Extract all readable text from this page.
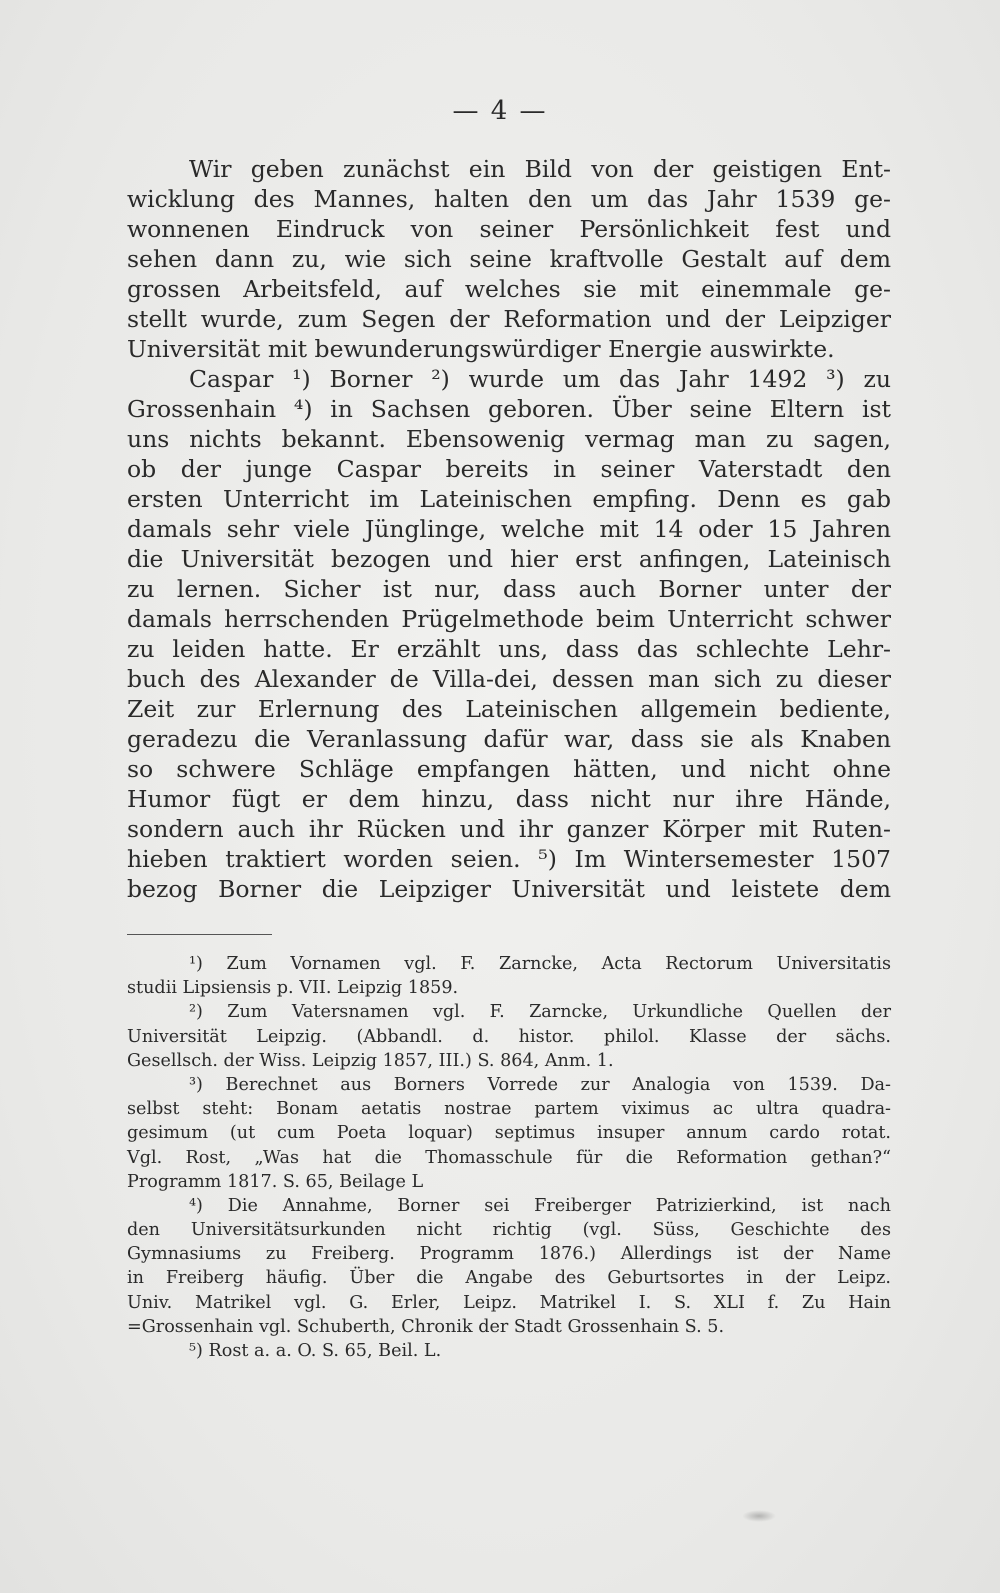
— 4 —
Wir geben zunächst ein Bild von der geistigen Ent-
wicklung des Mannes, halten den um das Jahr 1539 ge-
wonnenen Eindruck von seiner Persönlichkeit fest und
sehen dann zu, wie sich seine kraftvolle Gestalt auf dem
grossen Arbeitsfeld, auf welches sie mit einemmale ge-
stellt wurde, zum Segen der Reformation und der Leipziger
Universität mit bewunderungswürdiger Energie auswirkte.
Caspar ¹) Borner ²) wurde um das Jahr 1492 ³) zu
Grossenhain ⁴) in Sachsen geboren. Über seine Eltern ist
uns nichts bekannt. Ebensowenig vermag man zu sagen,
ob der junge Caspar bereits in seiner Vaterstadt den
ersten Unterricht im Lateinischen empfing. Denn es gab
damals sehr viele Jünglinge, welche mit 14 oder 15 Jahren
die Universität bezogen und hier erst anfingen, Lateinisch
zu lernen. Sicher ist nur, dass auch Borner unter der
damals herrschenden Prügelmethode beim Unterricht schwer
zu leiden hatte. Er erzählt uns, dass das schlechte Lehr-
buch des Alexander de Villa-dei, dessen man sich zu dieser
Zeit zur Erlernung des Lateinischen allgemein bediente,
geradezu die Veranlassung dafür war, dass sie als Knaben
so schwere Schläge empfangen hätten, und nicht ohne
Humor fügt er dem hinzu, dass nicht nur ihre Hände,
sondern auch ihr Rücken und ihr ganzer Körper mit Ruten-
hieben traktiert worden seien. ⁵) Im Wintersemester 1507
bezog Borner die Leipziger Universität und leistete dem
¹) Zum Vornamen vgl. F. Zarncke, Acta Rectorum Universitatis
studii Lipsiensis p. VII. Leipzig 1859.
²) Zum Vatersnamen vgl. F. Zarncke, Urkundliche Quellen der
Universität Leipzig. (Abbandl. d. histor. philol. Klasse der sächs.
Gesellsch. der Wiss. Leipzig 1857, III.) S. 864, Anm. 1.
³) Berechnet aus Borners Vorrede zur Analogia von 1539. Da-
selbst steht: Bonam aetatis nostrae partem viximus ac ultra quadra-
gesimum (ut cum Poeta loquar) septimus insuper annum cardo rotat.
Vgl. Rost, „Was hat die Thomasschule für die Reformation gethan?“
Programm 1817. S. 65, Beilage L
⁴) Die Annahme, Borner sei Freiberger Patrizierkind, ist nach
den Universitätsurkunden nicht richtig (vgl. Süss, Geschichte des
Gymnasiums zu Freiberg. Programm 1876.) Allerdings ist der Name
in Freiberg häufig. Über die Angabe des Geburtsortes in der Leipz.
Univ. Matrikel vgl. G. Erler, Leipz. Matrikel I. S. XLI f. Zu Hain
=Grossenhain vgl. Schuberth, Chronik der Stadt Grossenhain S. 5.
⁵) Rost a. a. O. S. 65, Beil. L.
